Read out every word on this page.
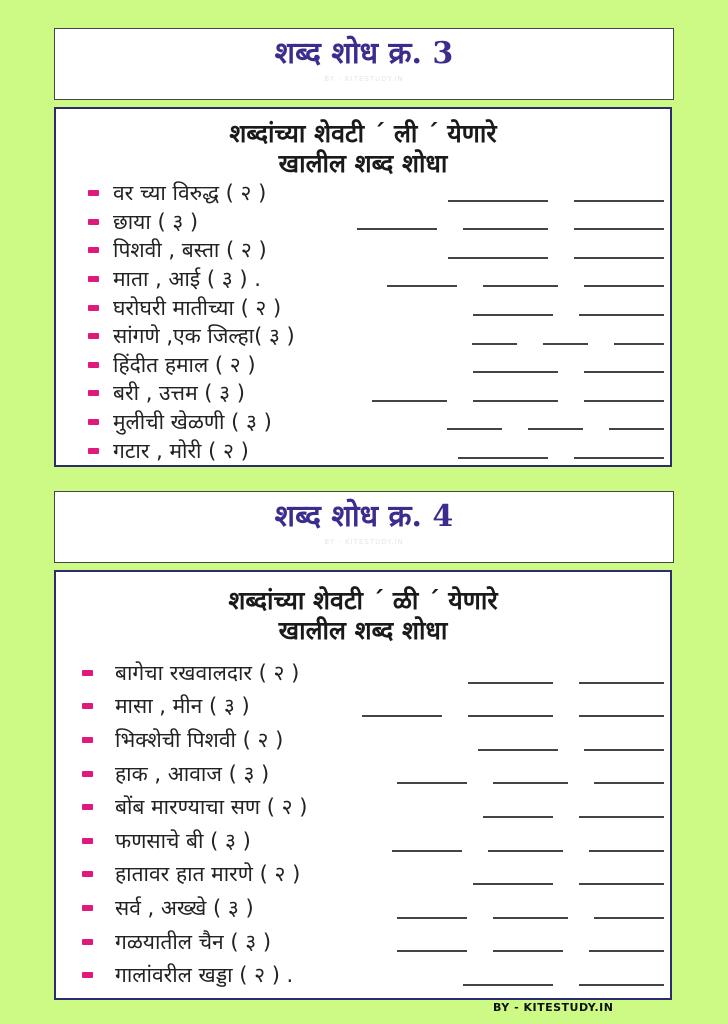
शब्द शोध क्र. 3
BY - KITESTUDY.IN
शब्दांच्या शेवटी ´ ली ´ येणारे
खालील शब्द शोधा
वर च्या विरुद्ध ( २ )
छाया ( ३ )
पिशवी , बस्ता ( २ )
माता , आई ( ३ ) .
घरोघरी मातीच्या ( २ )
सांगणे ,एक जिल्हा( ३ )
हिंदीत हमाल ( २ )
बरी , उत्तम ( ३ )
मुलीची खेळणी ( ३ )
गटार , मोरी ( २ )
शब्द शोध क्र. 4
BY - KITESTUDY.IN
शब्दांच्या शेवटी ´ ळी ´ येणारे
खालील शब्द शोधा
बागेचा रखवालदार ( २ )
मासा , मीन ( ३ )
भिक्शेची पिशवी ( २ )
हाक , आवाज ( ३ )
बोंब मारण्याचा सण ( २ )
फणसाचे बी ( ३ )
हातावर हात मारणे ( २ )
सर्व , अख्खे ( ३ )
गळयातील चैन ( ३ )
गालांवरील खड्डा ( २ ) .
BY - KITESTUDY.IN
